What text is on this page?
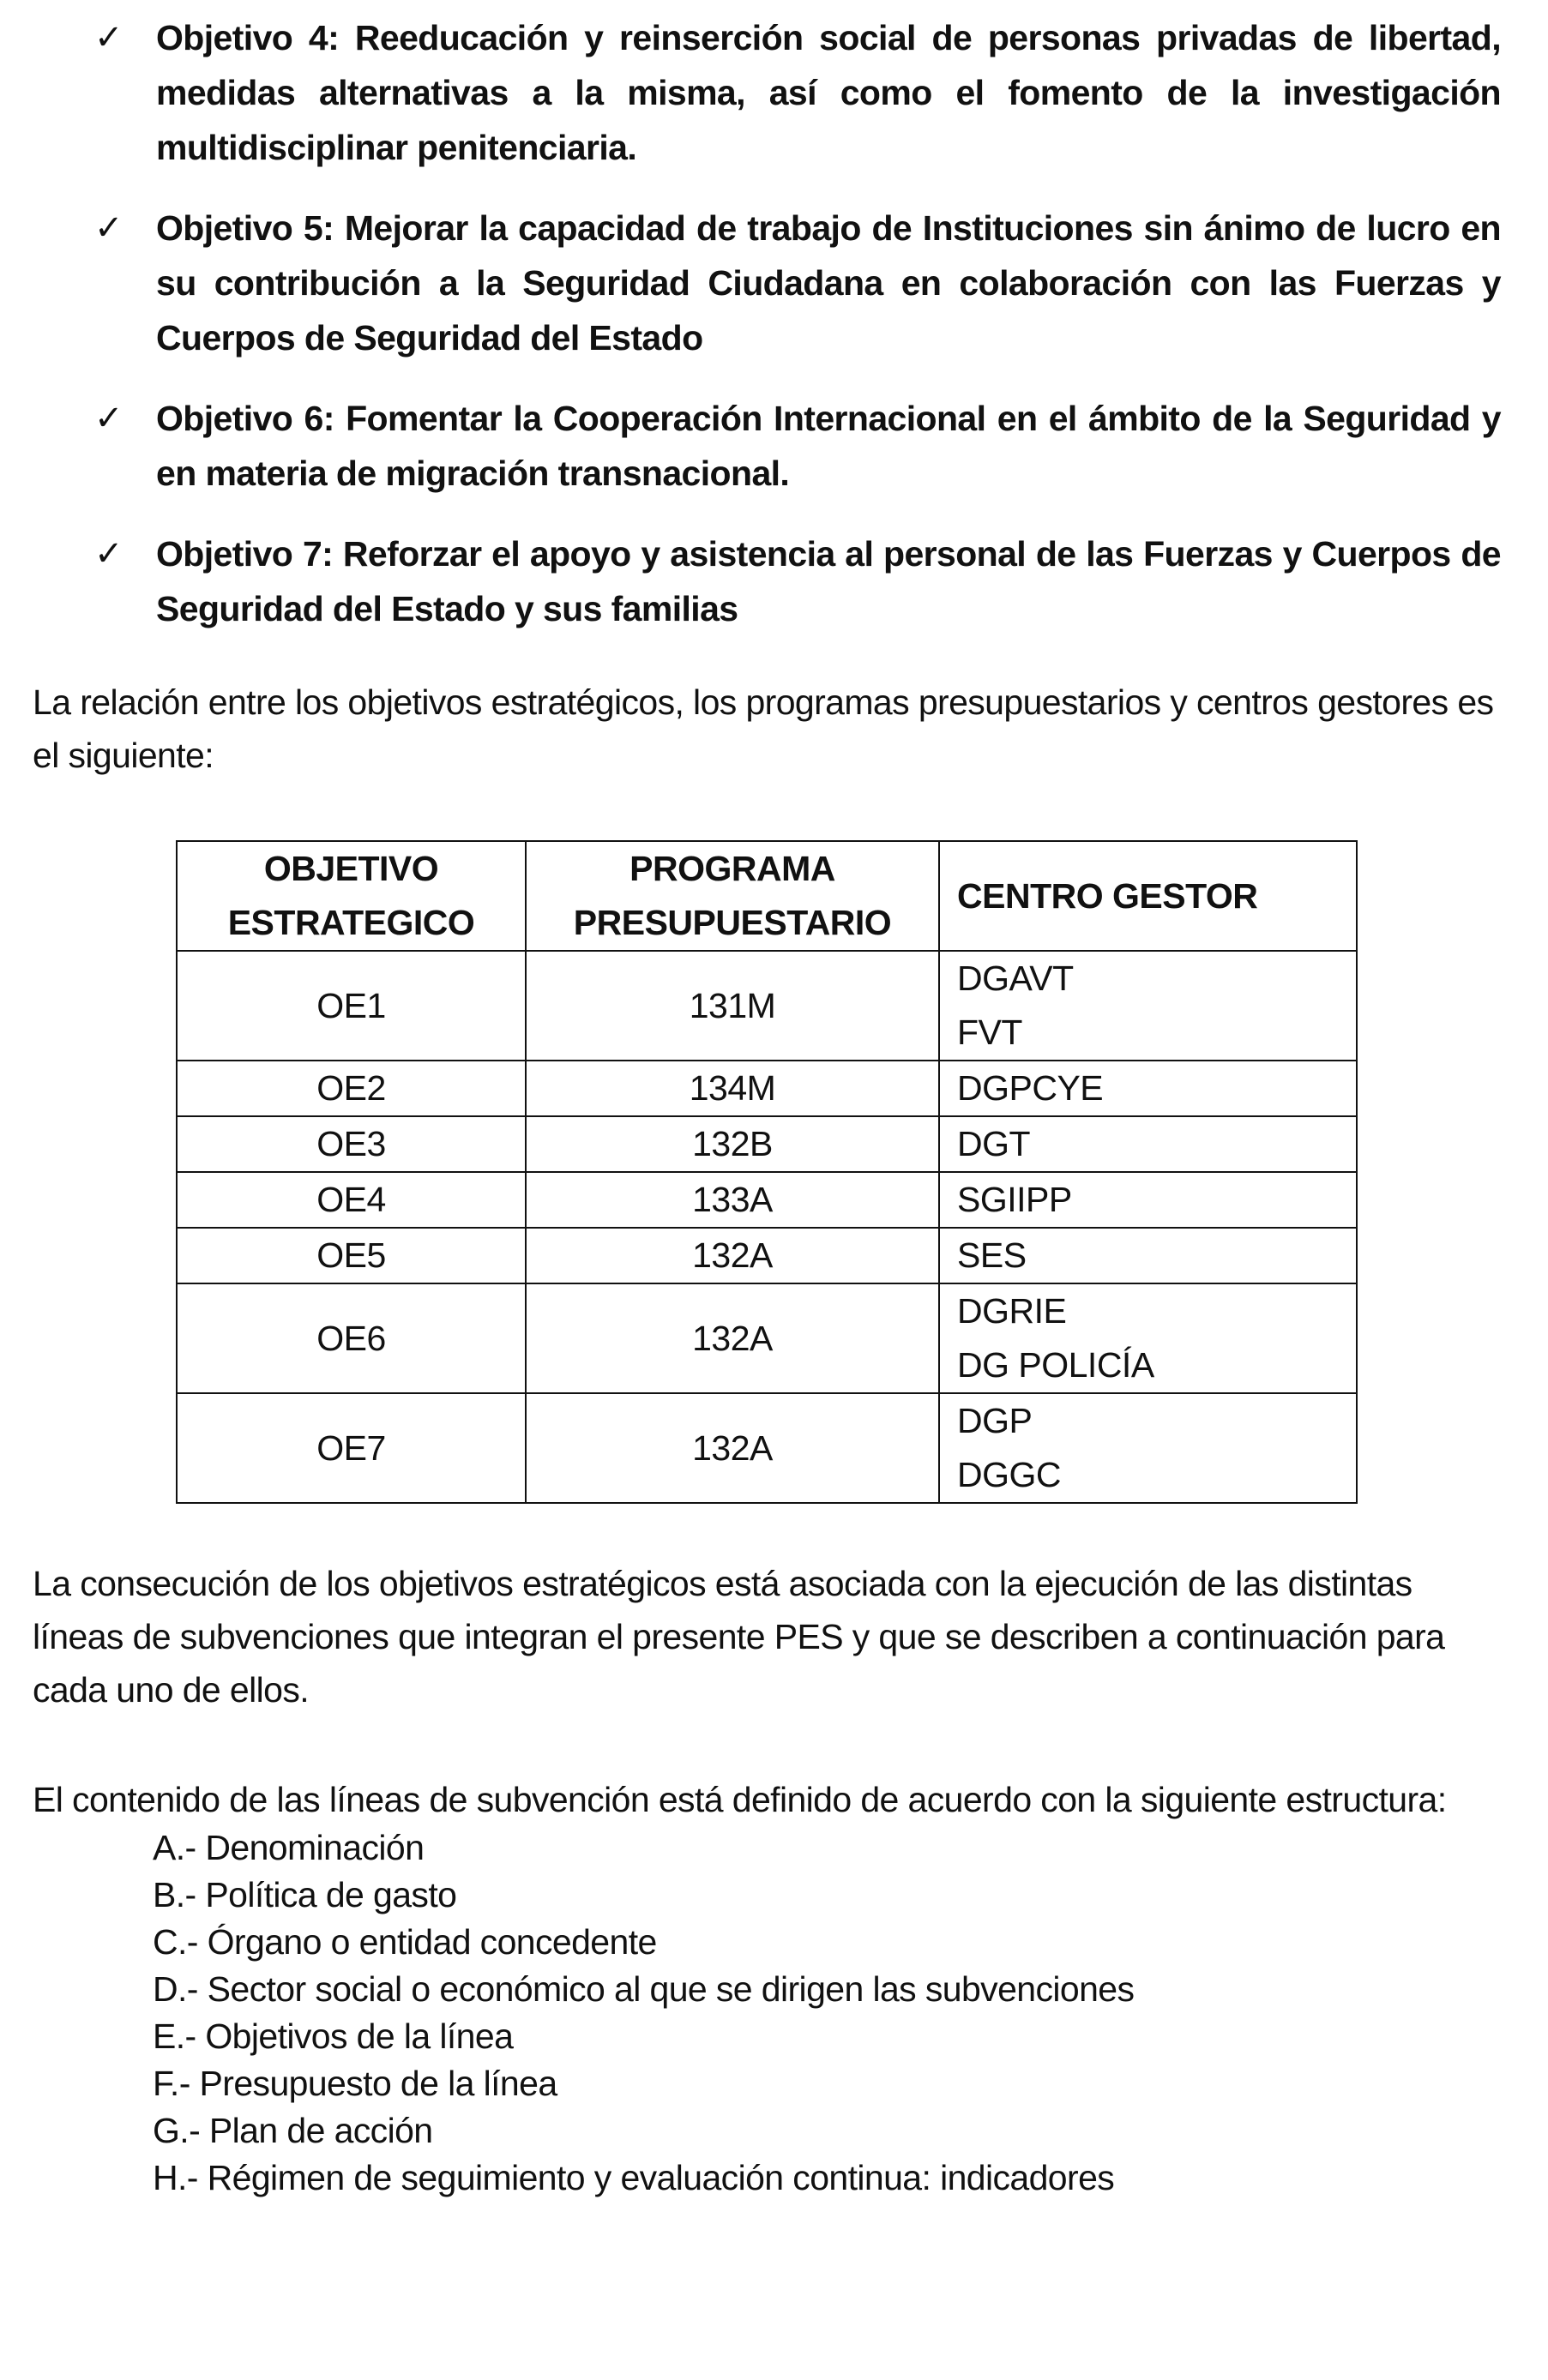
✓ Objetivo 4: Reeducación y reinserción social de personas privadas de libertad, medidas alternativas a la misma, así como el fomento de la investigación multidisciplinar penitenciaria.
✓ Objetivo 5: Mejorar la capacidad de trabajo de Instituciones sin ánimo de lucro en su contribución a la Seguridad Ciudadana en colaboración con las Fuerzas y Cuerpos de Seguridad del Estado
✓ Objetivo 6: Fomentar la Cooperación Internacional en el ámbito de la Seguridad y en materia de migración transnacional.
✓ Objetivo 7: Reforzar el apoyo y asistencia al personal de las Fuerzas y Cuerpos de Seguridad del Estado y sus familias
La relación entre los objetivos estratégicos, los programas presupuestarios y centros gestores es el siguiente:
OBJETIVO ESTRATEGICO	PROGRAMA PRESUPUESTARIO	CENTRO GESTOR
OE1	131M	DGAVT
FVT

OE2	134M	DGPCYE
OE3	132B	DGT
OE4	133A	SGIIPP
OE5	132A	SES
OE6	132A	DGRIE
DG POLICÍA

OE7	132A	DGP
DGGC
La consecución de los objetivos estratégicos está asociada con la ejecución de las distintas líneas de subvenciones que integran el presente PES y que se describen a continuación para cada uno de ellos.
El contenido de las líneas de subvención está definido de acuerdo con la siguiente estructura:
A.- Denominación
B.- Política de gasto
C.- Órgano o entidad concedente
D.- Sector social o económico al que se dirigen las subvenciones
E.- Objetivos de la línea
F.- Presupuesto de la línea
G.- Plan de acción
H.- Régimen de seguimiento y evaluación continua: indicadores
